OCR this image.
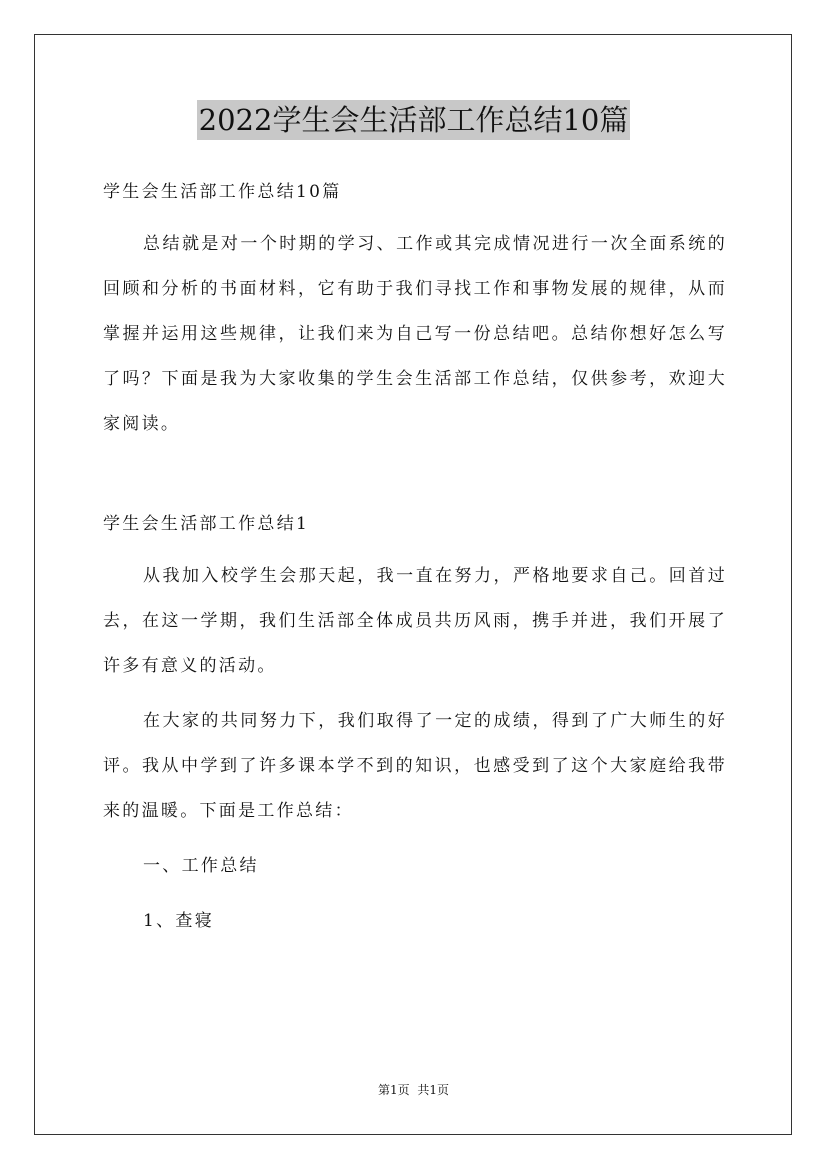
2022学生会生活部工作总结10篇

学生会生活部工作总结10篇

总结就是对一个时期的学习、工作或其完成情况进行一次全面系统的回顾和分析的书面材料，它有助于我们寻找工作和事物发展的规律，从而掌握并运用这些规律，让我们来为自己写一份总结吧。总结你想好怎么写了吗？下面是我为大家收集的学生会生活部工作总结，仅供参考，欢迎大家阅读。

学生会生活部工作总结1

从我加入校学生会那天起，我一直在努力，严格地要求自己。回首过去，在这一学期，我们生活部全体成员共历风雨，携手并进，我们开展了许多有意义的活动。

在大家的共同努力下，我们取得了一定的成绩，得到了广大师生的好评。我从中学到了许多课本学不到的知识，也感受到了这个大家庭给我带来的温暖。下面是工作总结：

一、工作总结

1、查寝

第1页 共1页
